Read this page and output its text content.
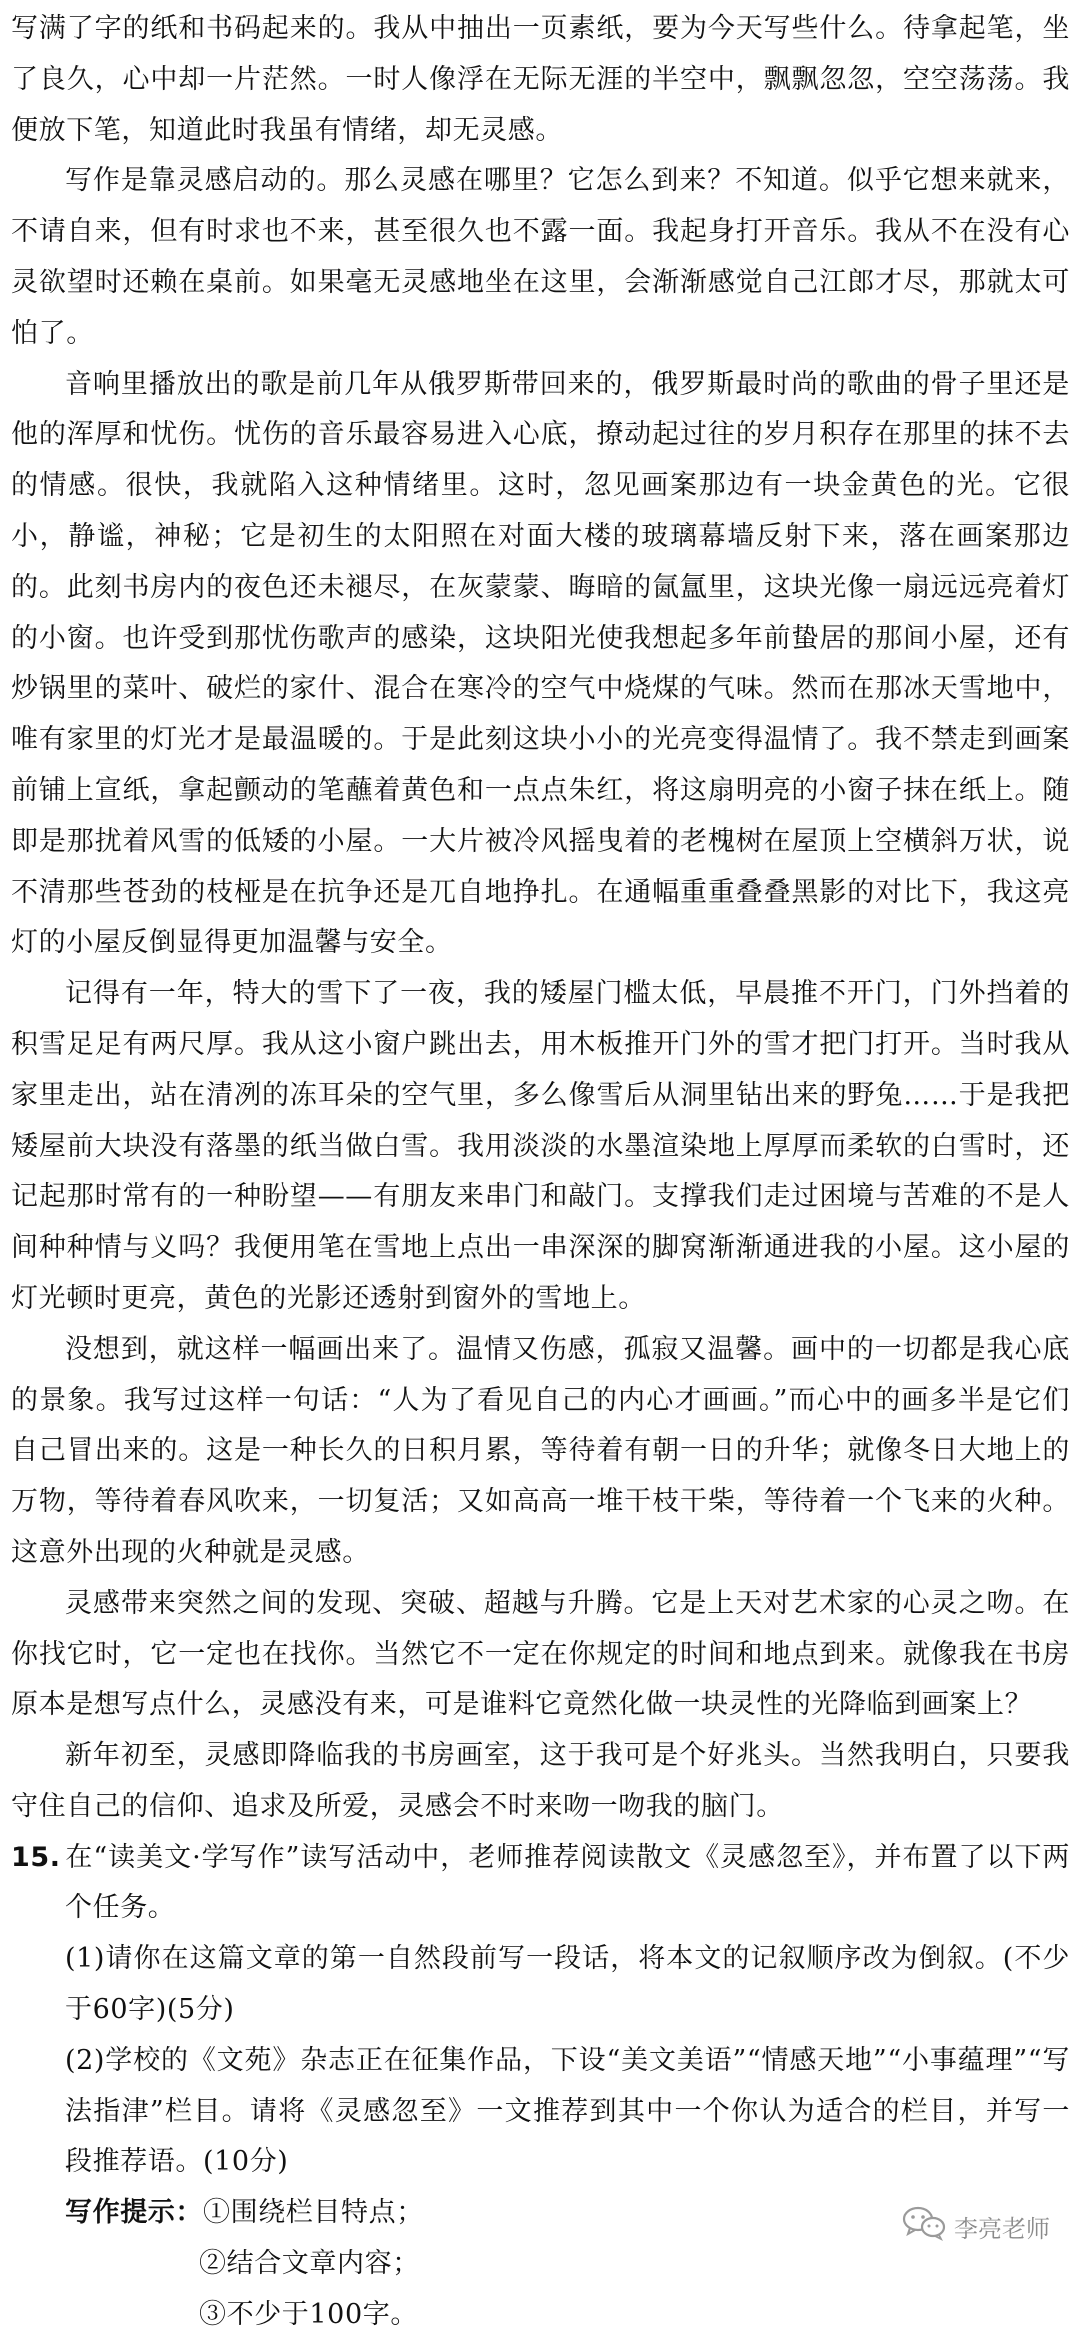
写满了字的纸和书码起来的。我从中抽出一页素纸，要为今天写些什么。待拿起笔，坐了良久，心中却一片茫然。一时人像浮在无际无涯的半空中，飘飘忽忽，空空荡荡。我便放下笔，知道此时我虽有情绪，却无灵感。

写作是靠灵感启动的。那么灵感在哪里？它怎么到来？不知道。似乎它想来就来，不请自来，但有时求也不来，甚至很久也不露一面。我起身打开音乐。我从不在没有心灵欲望时还赖在桌前。如果毫无灵感地坐在这里，会渐渐感觉自己江郎才尽，那就太可怕了。

音响里播放出的歌是前几年从俄罗斯带回来的，俄罗斯最时尚的歌曲的骨子里还是他的浑厚和忧伤。忧伤的音乐最容易进入心底，撩动起过往的岁月积存在那里的抹不去的情感。很快，我就陷入这种情绪里。这时，忽见画案那边有一块金黄色的光。它很小，静谧，神秘；它是初生的太阳照在对面大楼的玻璃幕墙反射下来，落在画案那边的。此刻书房内的夜色还未褪尽，在灰蒙蒙、晦暗的氤氲里，这块光像一扇远远亮着灯的小窗。也许受到那忧伤歌声的感染，这块阳光使我想起多年前蛰居的那间小屋，还有炒锅里的菜叶、破烂的家什、混合在寒冷的空气中烧煤的气味。然而在那冰天雪地中，唯有家里的灯光才是最温暖的。于是此刻这块小小的光亮变得温情了。我不禁走到画案前铺上宣纸，拿起颤动的笔蘸着黄色和一点点朱红，将这扇明亮的小窗子抹在纸上。随即是那扰着风雪的低矮的小屋。一大片被冷风摇曳着的老槐树在屋顶上空横斜万状，说不清那些苍劲的枝桠是在抗争还是兀自地挣扎。在通幅重重叠叠黑影的对比下，我这亮灯的小屋反倒显得更加温馨与安全。

记得有一年，特大的雪下了一夜，我的矮屋门槛太低，早晨推不开门，门外挡着的积雪足足有两尺厚。我从这小窗户跳出去，用木板推开门外的雪才把门打开。当时我从家里走出，站在清冽的冻耳朵的空气里，多么像雪后从洞里钻出来的野兔……于是我把矮屋前大块没有落墨的纸当做白雪。我用淡淡的水墨渲染地上厚厚而柔软的白雪时，还记起那时常有的一种盼望——有朋友来串门和敲门。支撑我们走过困境与苦难的不是人间种种情与义吗？我便用笔在雪地上点出一串深深的脚窝渐渐通进我的小屋。这小屋的灯光顿时更亮，黄色的光影还透射到窗外的雪地上。

没想到，就这样一幅画出来了。温情又伤感，孤寂又温馨。画中的一切都是我心底的景象。我写过这样一句话：“人为了看见自己的内心才画画。”而心中的画多半是它们自己冒出来的。这是一种长久的日积月累，等待着有朝一日的升华；就像冬日大地上的万物，等待着春风吹来，一切复活；又如高高一堆干枝干柴，等待着一个飞来的火种。这意外出现的火种就是灵感。

灵感带来突然之间的发现、突破、超越与升腾。它是上天对艺术家的心灵之吻。在你找它时，它一定也在找你。当然它不一定在你规定的时间和地点到来。就像我在书房原本是想写点什么，灵感没有来，可是谁料它竟然化做一块灵性的光降临到画案上？

新年初至，灵感即降临我的书房画室，这于我可是个好兆头。当然我明白，只要我守住自己的信仰、追求及所爱，灵感会不时来吻一吻我的脑门。

15. 在“读美文·学写作”读写活动中，老师推荐阅读散文《灵感忽至》，并布置了以下两个任务。

(1)请你在这篇文章的第一自然段前写一段话，将本文的记叙顺序改为倒叙。(不少于60字)(5分)

(2)学校的《文苑》杂志正在征集作品，下设“美文美语”“情感天地”“小事蕴理”“写法指津”栏目。请将《灵感忽至》一文推荐到其中一个你认为适合的栏目，并写一段推荐语。(10分)

写作提示：①围绕栏目特点；

②结合文章内容；

③不少于100字。

李亮老师
